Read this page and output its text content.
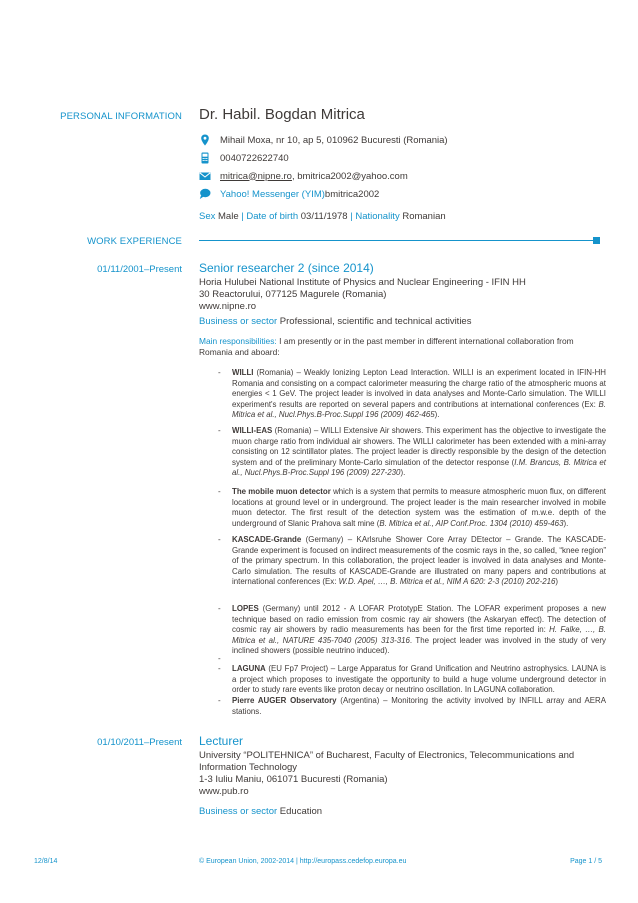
PERSONAL INFORMATION Dr. Habil. Bogdan Mitrica
Mihail Moxa, nr 10, ap 5, 010962 Bucuresti (Romania)
0040722622740
mitrica@nipne.ro , bmitrica2002@yahoo.com
Yahoo! Messenger (YIM) bmitrica2002
Sex Male | Date of birth 03/11/1978 | Nationality Romanian
WORK EXPERIENCE
01/11/2001–Present Senior researcher 2 (since 2014)
Horia Hulubei National Institute of Physics and Nuclear Engineering - IFIN HH
30 Reactorului, 077125 Magurele (Romania)
www.nipne.ro
Business or sector Professional, scientific and technical activities
Main responsibilities: I am presently or in the past member in different international collaboration from Romania and aboard:
- WILLI (Romania) – Weakly Ionizing Lepton Lead Interaction. WILLI is an experiment located in IFIN-HH Romania and consisting on a compact calorimeter measuring the charge ratio of the atmospheric muons at energies < 1 GeV. The project leader is involved in data analyses and Monte-Carlo simulation. The WILLI experiment's results are reported on several papers and contributions at international conferences (Ex: B. Mitrica et al., Nucl.Phys.B-Proc.Suppl 196 (2009) 462-465).
- WILLI-EAS (Romania) – WILLI Extensive Air showers. This experiment has the objective to investigate the muon charge ratio from individual air showers. The WILLI calorimeter has been extended with a mini-array consisting on 12 scintillator plates. The project leader is directly responsible by the design of the detection system and of the preliminary Monte-Carlo simulation of the detector response (I.M. Brancus, B. Mitrica et al., Nucl.Phys.B-Proc.Suppl 196 (2009) 227-230).
- The mobile muon detector which is a system that permits to measure atmospheric muon flux, on different locations at ground level or in underground. The project leader is the main researcher involved in mobile muon detector. The first result of the detection system was the estimation of m.w.e. depth of the underground of Slanic Prahova salt mine (B. Mitrica et al., AIP Conf.Proc. 1304 (2010) 459-463).
- KASCADE-Grande (Germany) – KArlsruhe Shower Core Array DEtector – Grande. The KASCADE-Grande experiment is focused on indirect measurements of the cosmic rays in the, so called, “knee region” of the primary spectrum. In this collaboration, the project leader is involved in data analyses and Monte-Carlo simulation. The results of KASCADE-Grande are illustrated on many papers and contributions at international conferences (Ex: W.D. Apel, …, B. Mitrica et al., NIM A 620: 2-3 (2010) 202-216)
- LOPES (Germany) until 2012 - A LOFAR PrototypE Station. The LOFAR experiment proposes a new technique based on radio emission from cosmic ray air showers (the Askaryan effect). The detection of cosmic ray air showers by radio measurements has been for the first time reported in: H. Falke, …, B. Mitrica et al., NATURE 435-7040 (2005) 313-316. The project leader was involved in the study of very inclined showers (possible neutrino induced).
-
- LAGUNA (EU Fp7 Project) – Large Apparatus for Grand Unification and Neutrino astrophysics. LAUNA is a project which proposes to investigate the opportunity to build a huge volume underground detector in order to study rare events like proton decay or neutrino oscillation. In LAGUNA collaboration.
- Pierre AUGER Observatory (Argentina) – Monitoring the activity involved by INFILL array and AERA stations.
01/10/2011–Present Lecturer
University “POLITEHNICA” of Bucharest, Faculty of Electronics, Telecommunications and Information Technology
1-3 Iuliu Maniu, 061071 Bucuresti (Romania)
www.pub.ro
Business or sector Education
12/8/14	© European Union, 2002-2014 | http://europass.cedefop.europa.eu	Page 1 / 5
